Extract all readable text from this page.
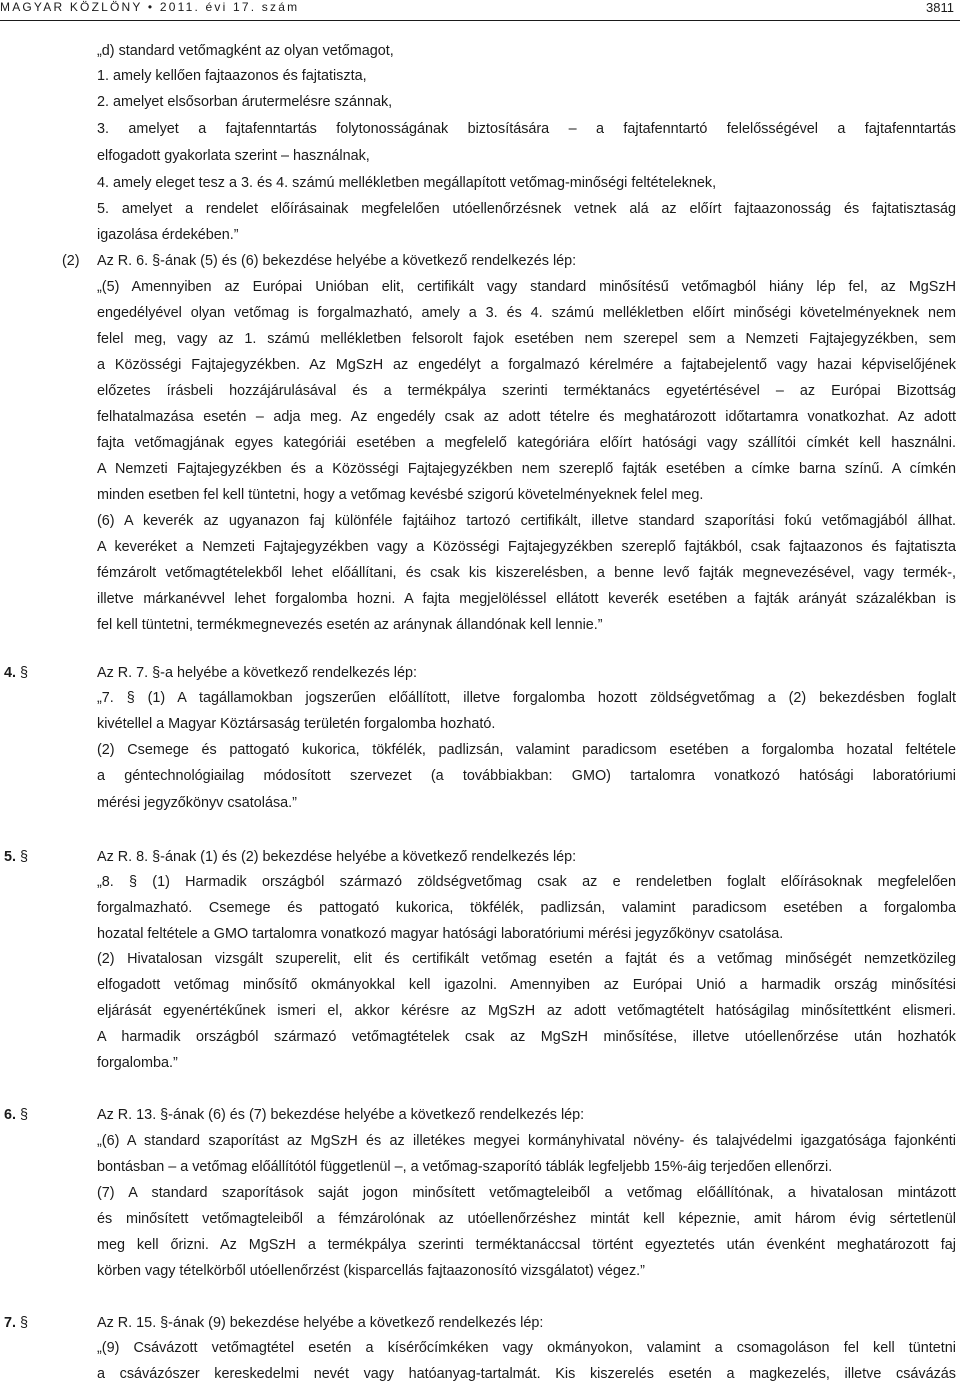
MAGYAR KÖZLÖNY • 2011. évi 17. szám	3811
„d) standard vetőmagként az olyan vetőmagot,
1. amely kellően fajtaazonos és fajtatiszta,
2. amelyet elsősorban árutermelésre szánnak,
3. amelyet a fajtafenntartás folytonosságának biztosítására – a fajtafenntartó felelősségével a fajtafenntartás
elfogadott gyakorlata szerint – használnak,
4. amely eleget tesz a 3. és 4. számú mellékletben megállapított vetőmag-minőségi feltételeknek,
5. amelyet a rendelet előírásainak megfelelően utóellenőrzésnek vetnek alá az előírt fajtaazonosság és fajtatisztaság
igazolása érdekében.”
(2) Az R. 6. §-ának (5) és (6) bekezdése helyébe a következő rendelkezés lép:
„(5) Amennyiben az Európai Unióban elit, certifikált vagy standard minősítésű vetőmagból hiány lép fel, az MgSzH
engedélyével olyan vetőmag is forgalmazható, amely a 3. és 4. számú mellékletben előírt minőségi követelményeknek nem
felel meg, vagy az 1. számú mellékletben felsorolt fajok esetében nem szerepel sem a Nemzeti Fajtajegyzékben, sem
a Közösségi Fajtajegyzékben. Az MgSzH az engedélyt a forgalmazó kérelmére a fajtabejelentő vagy hazai képviselőjének
előzetes írásbeli hozzájárulásával és a termékpálya szerinti terméktanács egyetértésével – az Európai Bizottság
felhatalmazása esetén – adja meg. Az engedély csak az adott tételre és meghatározott időtartamra vonatkozhat. Az adott
fajta vetőmagjának egyes kategóriái esetében a megfelelő kategóriára előírt hatósági vagy szállítói címkét kell használni.
A Nemzeti Fajtajegyzékben és a Közösségi Fajtajegyzékben nem szereplő fajták esetében a címke barna színű. A címkén
minden esetben fel kell tüntetni, hogy a vetőmag kevésbé szigorú követelményeknek felel meg.
(6) A keverék az ugyanazon faj különféle fajtáihoz tartozó certifikált, illetve standard szaporítási fokú vetőmagjából állhat.
A keveréket a Nemzeti Fajtajegyzékben vagy a Közösségi Fajtajegyzékben szereplő fajtákból, csak fajtaazonos és fajtatiszta
fémzárolt vetőmagtételekből lehet előállítani, és csak kis kiszerelésben, a benne levő fajták megnevezésével, vagy termék-,
illetve márkanévvel lehet forgalomba hozni. A fajta megjelöléssel ellátott keverék esetében a fajták arányát százalékban is
fel kell tüntetni, termékmegnevezés esetén az aránynak állandónak kell lennie.”
4. §	Az R. 7. §-a helyébe a következő rendelkezés lép:
„7. § (1) A tagállamokban jogszerűen előállított, illetve forgalomba hozott zöldségvetőmag a (2) bekezdésben foglalt
kivétellel a Magyar Köztársaság területén forgalomba hozható.
(2) Csemege és pattogató kukorica, tökfélék, padlizsán, valamint paradicsom esetében a forgalomba hozatal feltétele
a géntechnológiailag módosított szervezet (a továbbiakban: GMO) tartalomra vonatkozó hatósági laboratóriumi
mérési jegyzőkönyv csatolása.”
5. §	Az R. 8. §-ának (1) és (2) bekezdése helyébe a következő rendelkezés lép:
„8. § (1) Harmadik országból származó zöldségvetőmag csak az e rendeletben foglalt előírásoknak megfelelően
forgalmazható. Csemege és pattogató kukorica, tökfélék, padlizsán, valamint paradicsom esetében a forgalomba
hozatal feltétele a GMO tartalomra vonatkozó magyar hatósági laboratóriumi mérési jegyzőkönyv csatolása.
(2) Hivatalosan vizsgált szuperelit, elit és certifikált vetőmag esetén a fajtát és a vetőmag minőségét nemzetközileg
elfogadott vetőmag minősítő okmányokkal kell igazolni. Amennyiben az Európai Unió a harmadik ország minősítési
eljárását egyenértékűnek ismeri el, akkor kérésre az MgSzH az adott vetőmagtételt hatóságilag minősítettként elismeri.
A harmadik országból származó vetőmagtételek csak az MgSzH minősítése, illetve utóellenőrzése után hozhatók
forgalomba.”
6. §	Az R. 13. §-ának (6) és (7) bekezdése helyébe a következő rendelkezés lép:
„(6) A standard szaporítást az MgSzH és az illetékes megyei kormányhivatal növény- és talajvédelmi igazgatósága fajonkénti
bontásban – a vetőmag előállítótól függetlenül –, a vetőmag-szaporító táblák legfeljebb 15%-áig terjedően ellenőrzi.
(7) A standard szaporítások saját jogon minősített vetőmagteleiből a vetőmag előállítónak, a hivatalosan mintázott
és minősített vetőmagteleiből a fémzárolónak az utóellenőrzéshez mintát kell képeznie, amit három évig sértetlenül
meg kell őrizni. Az MgSzH a termékpálya szerinti terméktanáccsal történt egyeztetés után évenként meghatározott faj
körben vagy tételkörből utóellenőrzést (kisparcellás fajtaazonosító vizsgálatot) végez.”
7. §	Az R. 15. §-ának (9) bekezdése helyébe a következő rendelkezés lép:
„(9) Csávázott vetőmagtétel esetén a kísérőcímkéken vagy okmányokon, valamint a csomagoláson fel kell tüntetni
a csávázószer kereskedelmi nevét vagy hatóanyag-tartalmát. Kis kiszerelés esetén a magkezelés, illetve csávázás
